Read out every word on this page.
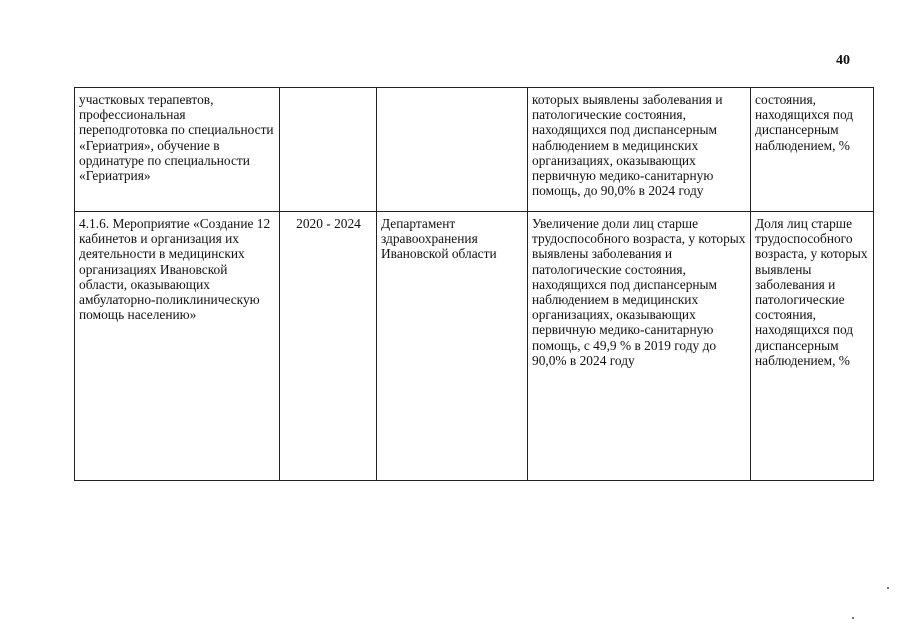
40
участковых терапевтов, профессиональная переподготовка по специальности «Гериатрия», обучение в ординатуре по специальности «Гериатрия»			которых выявлены заболевания и патологические состояния, находящихся под диспансерным наблюдением в медицинских организациях, оказывающих первичную медико-санитарную помощь, до 90,0% в 2024 году	состояния, находящихся под диспансерным наблюдением, %

4.1.6. Мероприятие «Создание 12 кабинетов и организация их деятельности в медицинских организациях Ивановской области, оказывающих амбулаторно-поликлиническую помощь населению»	2020 - 2024	Департамент здравоохранения Ивановской области	Увеличение доли лиц старше трудоспособного возраста, у которых выявлены заболевания и патологические состояния, находящихся под диспансерным наблюдением в медицинских организациях, оказывающих первичную медико-санитарную помощь, с 49,9 % в 2019 году до 90,0% в 2024 году	Доля лиц старше трудоспособного возраста, у которых выявлены заболевания и патологические состояния, находящихся под диспансерным наблюдением, %
